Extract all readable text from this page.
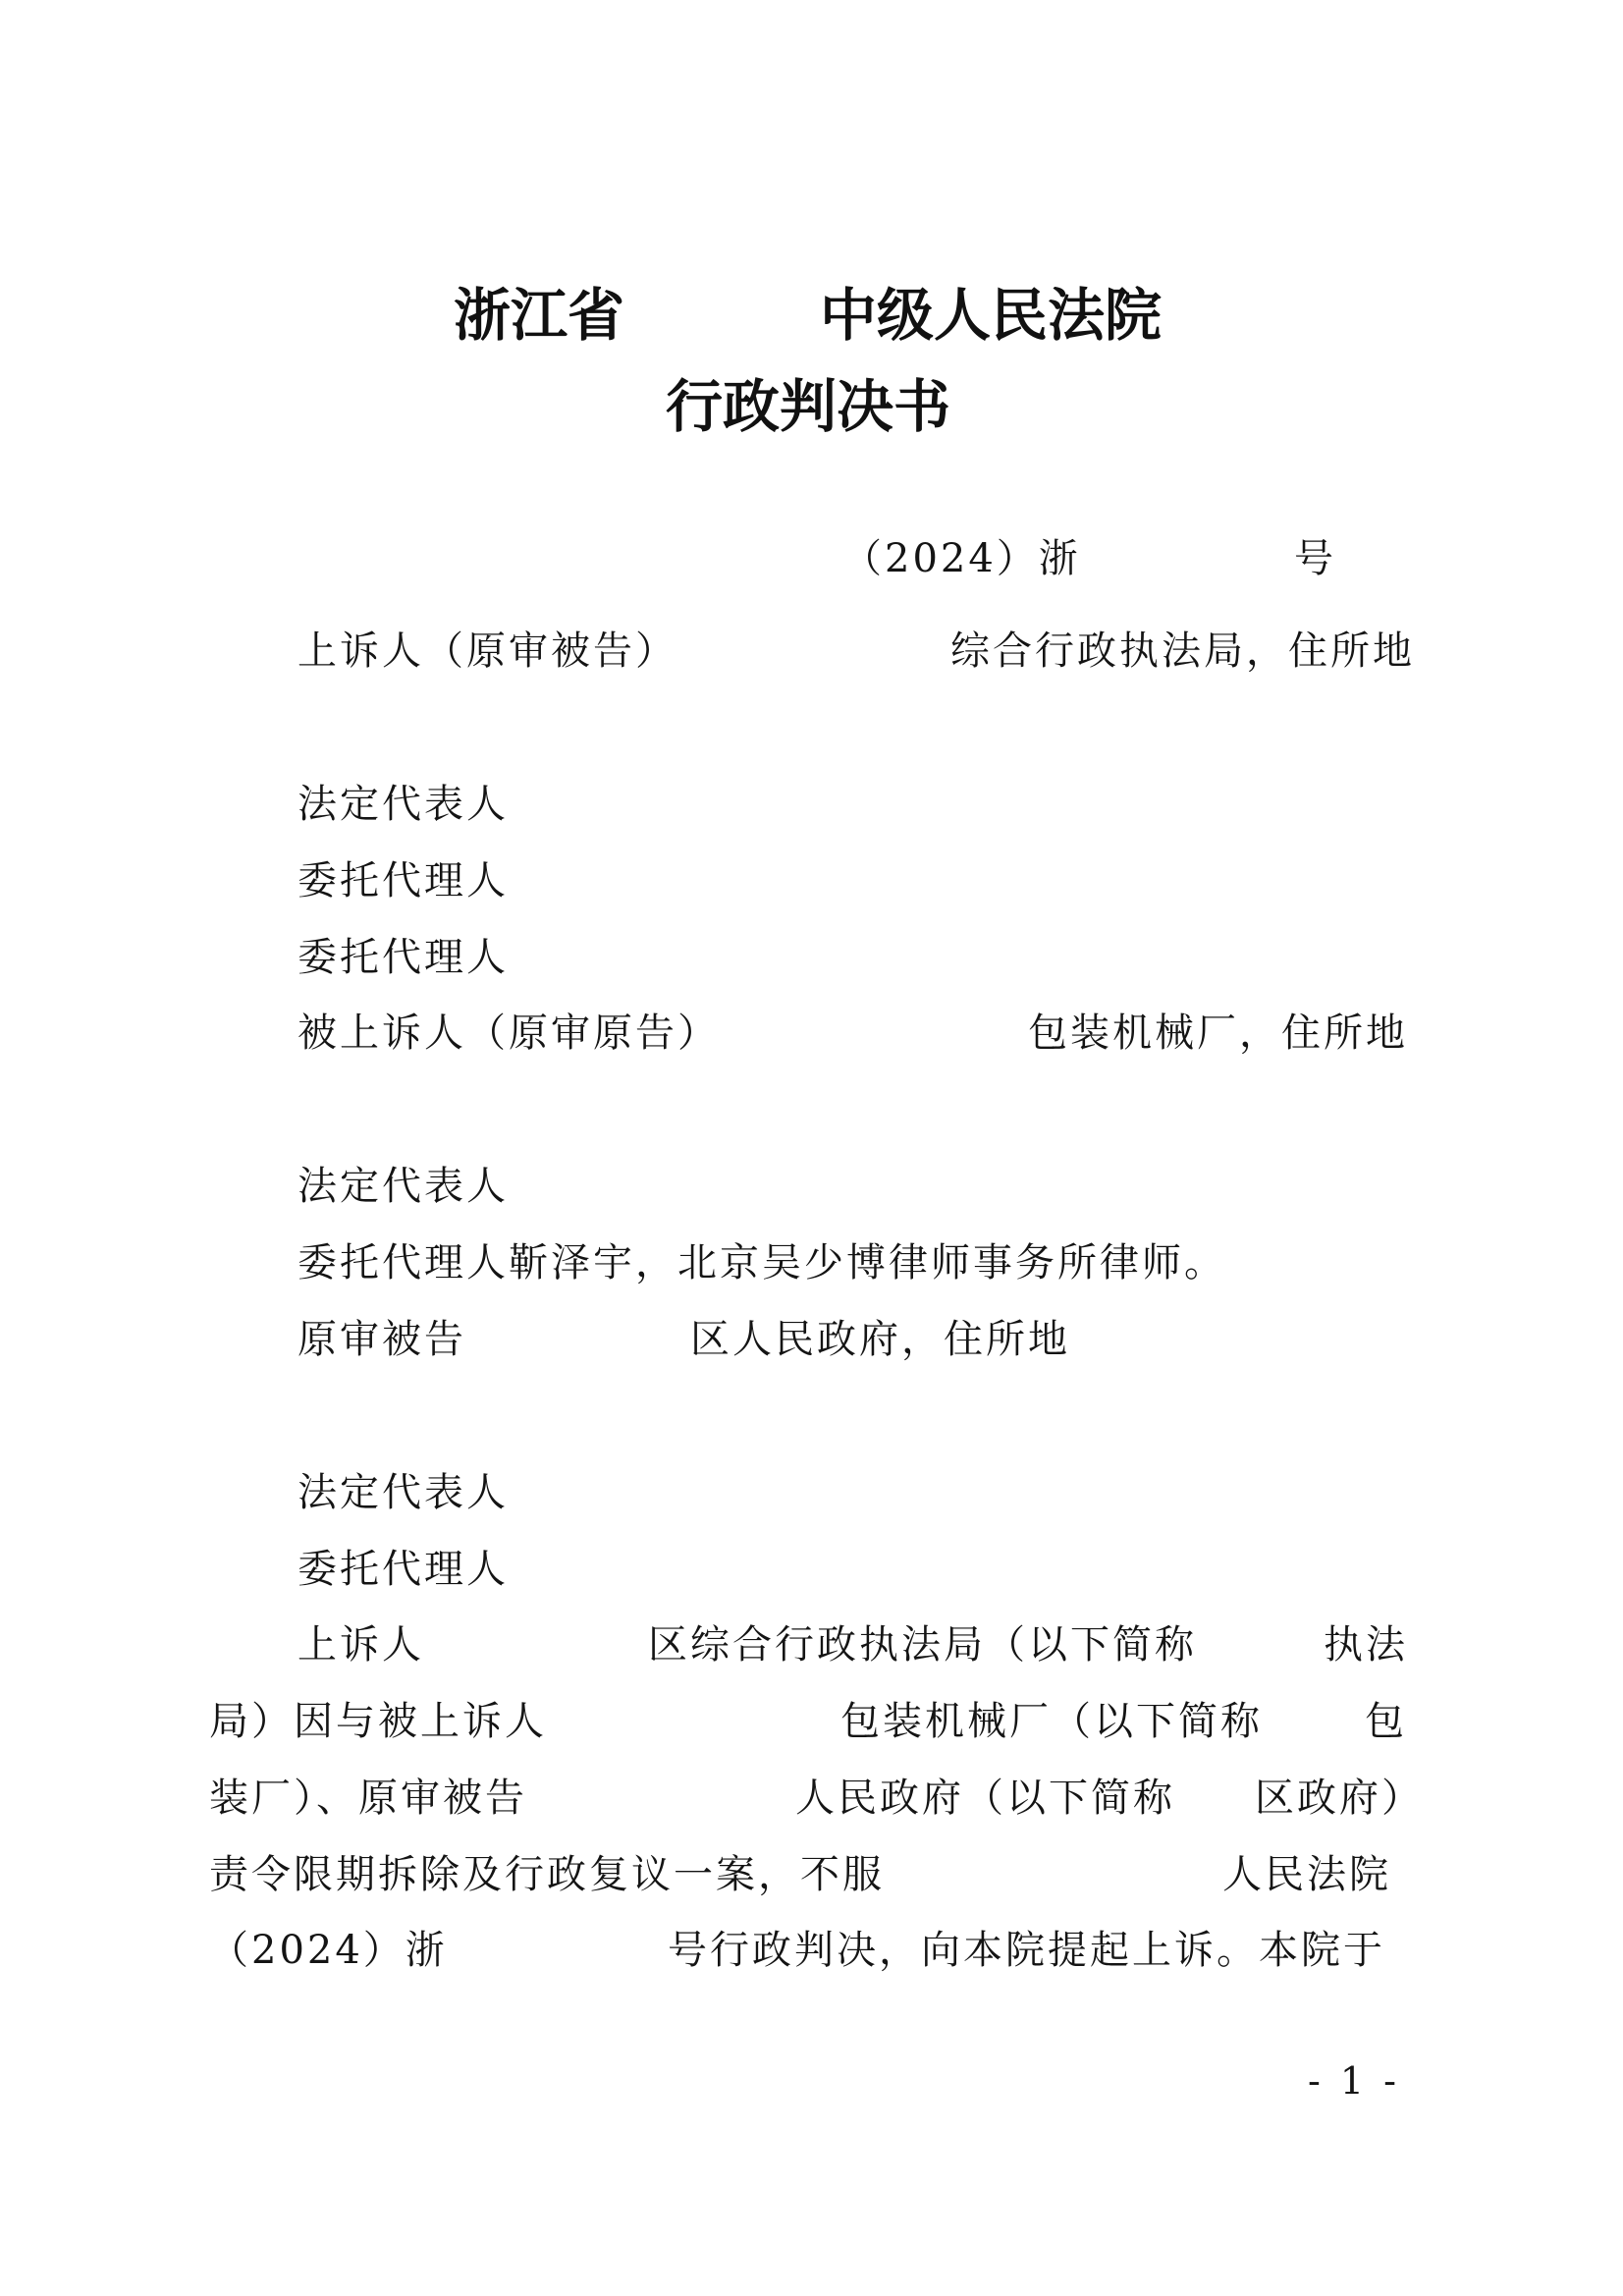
浙江省	中级人民法院
行政判决书
（2024）浙	号
上诉人（原审被告）	综合行政执法局，住所地
法定代表人
委托代理人
委托代理人
被上诉人（原审原告）	包装机械厂，住所地
法定代表人
委托代理人靳泽宇，北京吴少博律师事务所律师。
原审被告	区人民政府，住所地
法定代表人
委托代理人
上诉人	区综合行政执法局（以下简称	执法
局）因与被上诉人	包装机械厂（以下简称	包
装厂）、原审被告	人民政府（以下简称 区政府）
责令限期拆除及行政复议一案，不服	人民法院
（2024）浙	号行政判决，向本院提起上诉。本院于
- 1 -
